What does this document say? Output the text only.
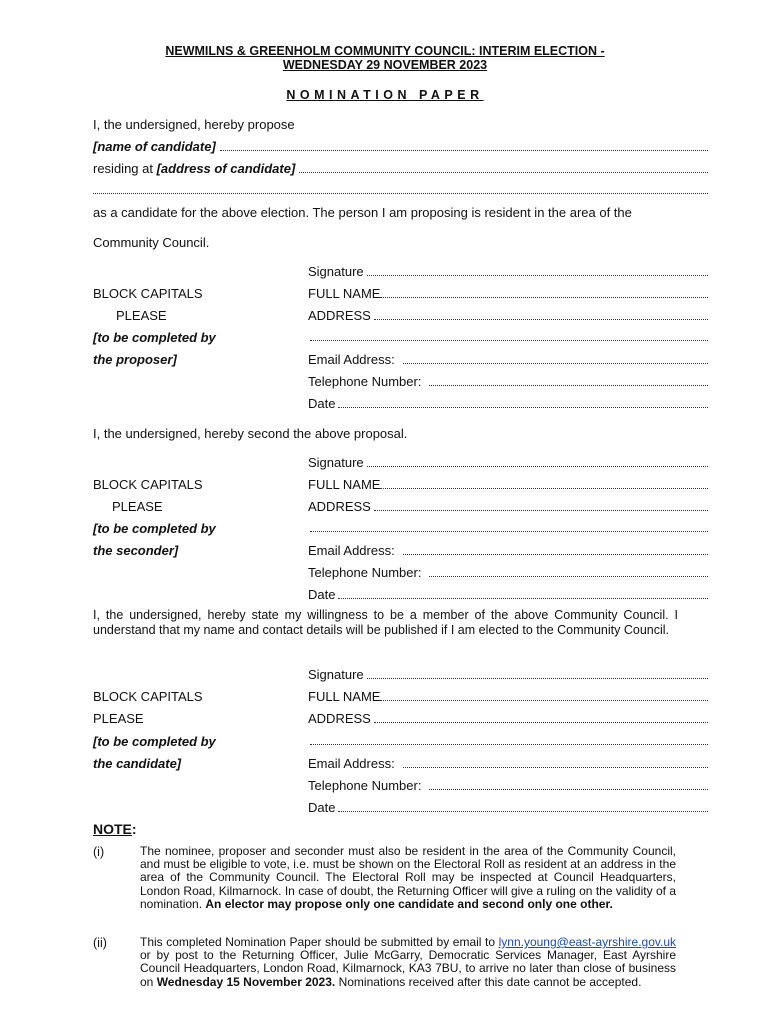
NEWMILNS & GREENHOLM COMMUNITY COUNCIL: INTERIM ELECTION -
WEDNESDAY 29 NOVEMBER 2023
NOMINATION PAPER
I, the undersigned, hereby propose
[name of candidate]
residing at [address of candidate]
as a candidate for the above election. The person I am proposing is resident in the area of the
Community Council.
Signature
BLOCK CAPITALS	FULL NAME
PLEASE	ADDRESS
[to be completed by
the proposer]	Email Address:
Telephone Number:
Date
I, the undersigned, hereby second the above proposal.
Signature
BLOCK CAPITALS	FULL NAME
PLEASE	ADDRESS
[to be completed by
the seconder]	Email Address:
Telephone Number:
Date

I, the undersigned, hereby state my willingness to be a member of the above Community Council. I understand that my name and contact details will be published if I am elected to the Community Council.

Signature
BLOCK CAPITALS	FULL NAME
PLEASE	ADDRESS
[to be completed by
the candidate]	Email Address:
Telephone Number:
Date
NOTE:
(i)	The nominee, proposer and seconder must also be resident in the area of the Community Council, and must be eligible to vote, i.e. must be shown on the Electoral Roll as resident at an address in the area of the Community Council. The Electoral Roll may be inspected at Council Headquarters, London Road, Kilmarnock. In case of doubt, the Returning Officer will give a ruling on the validity of a nomination. An elector may propose only one candidate and second only one other.
(ii)	This completed Nomination Paper should be submitted by email to lynn.young@east-ayrshire.gov.uk or by post to the Returning Officer, Julie McGarry, Democratic Services Manager, East Ayrshire Council Headquarters, London Road, Kilmarnock, KA3 7BU, to arrive no later than close of business on Wednesday 15 November 2023. Nominations received after this date cannot be accepted.
